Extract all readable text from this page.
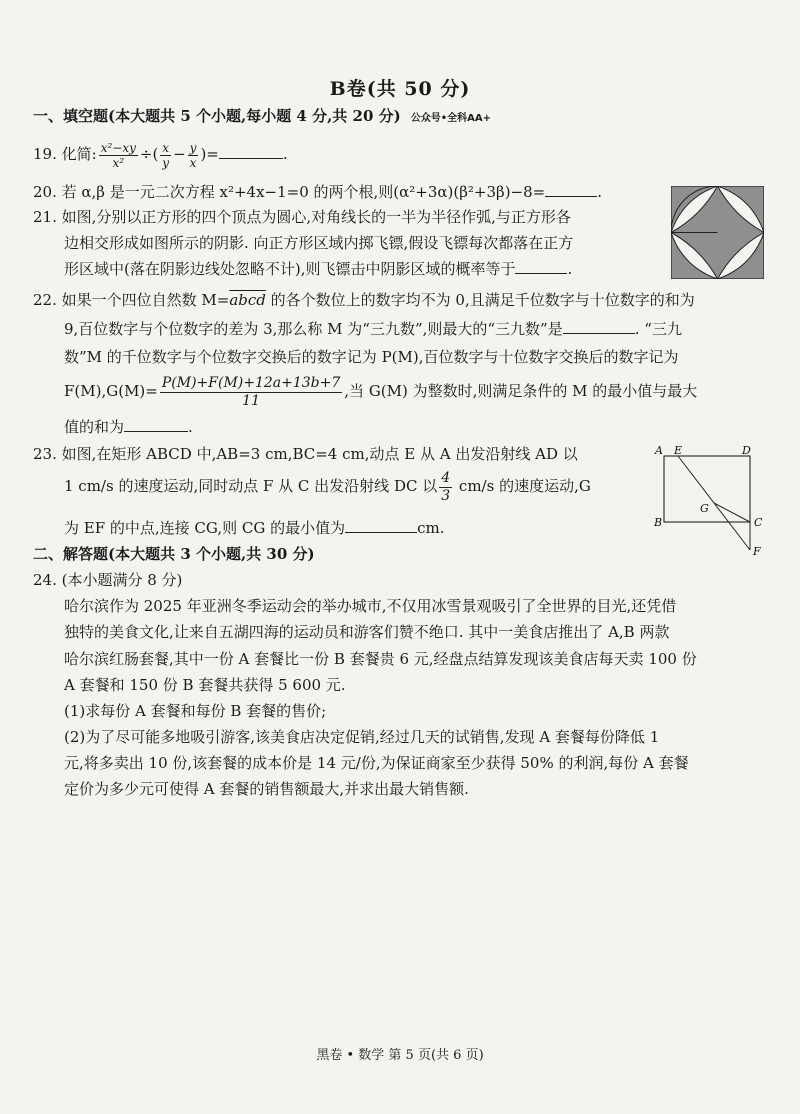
B卷(共 50 分)
一、填空题(本大题共 5 个小题,每小题 4 分,共 20 分) 公众号•全科AA+
19. 化简: $\frac{\text{x²−xy}}{\text{x²}}$ ÷( $\frac{x}{y} - \frac{y}{x}$ )=	.
20. 若 α,β 是一元二次方程 x²+4x−1=0 的两个根,则(α²+3α)(β²+3β)−8=	.
21. 如图,分别以正方形的四个顶点为圆心,对角线长的一半为半径作弧,与正方形各
边相交形成如图所示的阴影. 向正方形区域内掷飞镖,假设飞镖每次都落在正方
形区域中(落在阴影边线处忽略不计),则飞镖击中阴影区域的概率等于	.
22. 如果一个四位自然数 M=abcd 的各个数位上的数字均不为 0,且满足千位数字与十位数字的和为
9,百位数字与个位数字的差为 3,那么称 M 为“三九数”,则最大的“三九数”是	. “三九
数”M 的千位数字与个位数字交换后的数字记为 P(M),百位数字与十位数字交换后的数字记为
$F(M),G(M)= \frac{P(M)+F(M)+12a+13b+7}{11}$ ,当 G(M) 为整数时,则满足条件的 M 的最小值与最大
值的和为	.
23. 如图,在矩形 ABCD 中,AB=3 cm,BC=4 cm,动点 E 从 A 出发沿射线 AD 以
1 cm/s 的速度运动,同时动点 F 从 C 出发沿射线 DC 以 $\frac{4}{3} cm/s$ 的速度运动,G
为 EF 的中点,连接 CG,则 CG 的最小值为	cm.
A E	D
B	C
G
F
二、解答题(本大题共 3 个小题,共 30 分)
24. (本小题满分 8 分)
哈尔滨作为 2025 年亚洲冬季运动会的举办城市,不仅用冰雪景观吸引了全世界的目光,还凭借
独特的美食文化,让来自五湖四海的运动员和游客们赞不绝口. 其中一美食店推出了 A,B 两款
哈尔滨红肠套餐,其中一份 A 套餐比一份 B 套餐贵 6 元,经盘点结算发现该美食店每天卖 100 份
A 套餐和 150 份 B 套餐共获得 5 600 元.
(1)求每份 A 套餐和每份 B 套餐的售价;
(2)为了尽可能多地吸引游客,该美食店决定促销,经过几天的试销售,发现 A 套餐每份降低 1
元,将多卖出 10 份,该套餐的成本价是 14 元/份,为保证商家至少获得 50% 的利润,每份 A 套餐
定价为多少元可使得 A 套餐的销售额最大,并求出最大销售额.
黑卷 • 数学 第 5 页(共 6 页)
